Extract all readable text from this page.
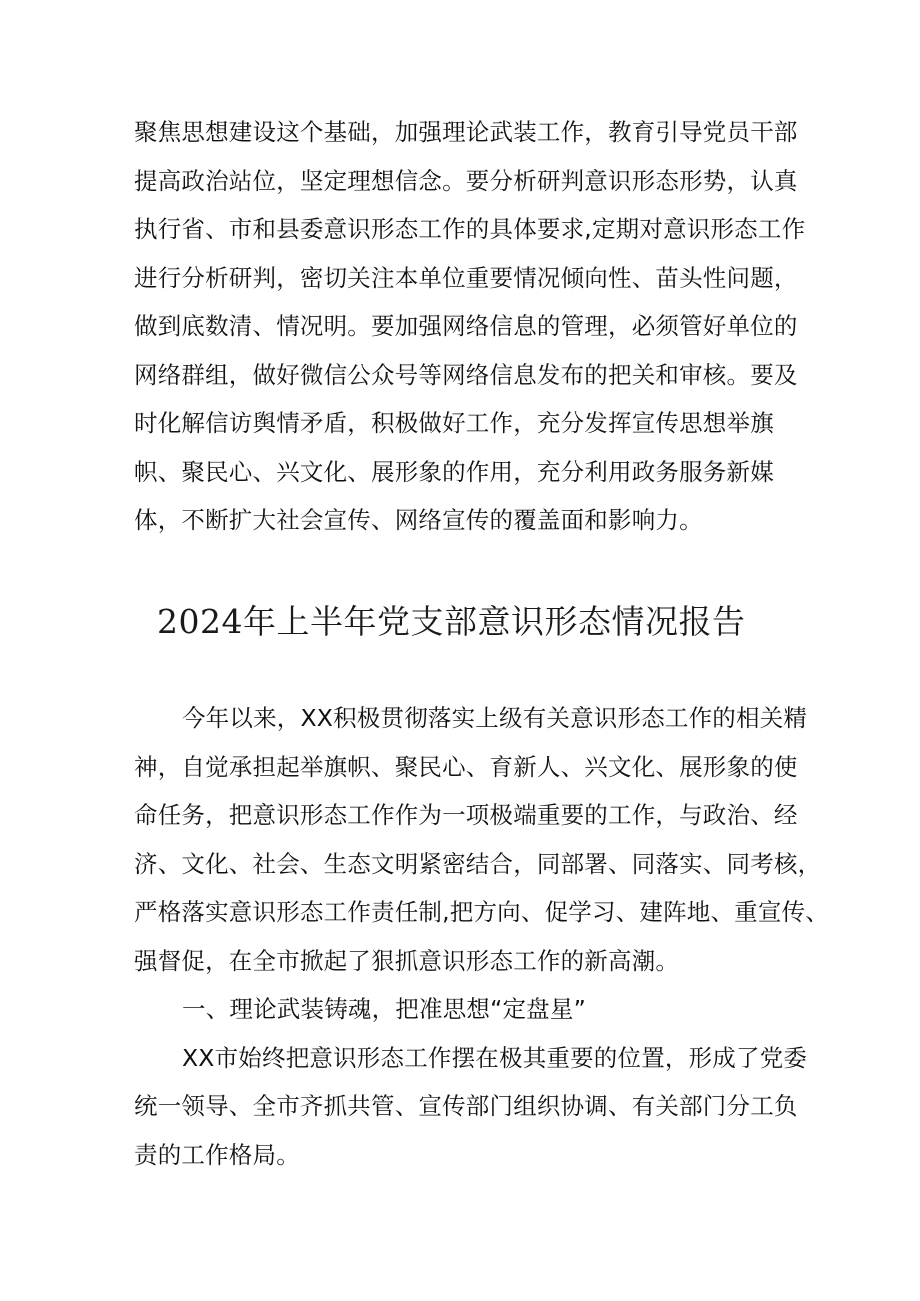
聚焦思想建设这个基础，加强理论武装工作，教育引导党员干部
提高政治站位，坚定理想信念。要分析研判意识形态形势，认真
执行省、市和县委意识形态工作的具体要求,定期对意识形态工作
进行分析研判，密切关注本单位重要情况倾向性、苗头性问题，
做到底数清、情况明。要加强网络信息的管理，必须管好单位的
网络群组，做好微信公众号等网络信息发布的把关和审核。要及
时化解信访舆情矛盾，积极做好工作，充分发挥宣传思想举旗
帜、聚民心、兴文化、展形象的作用，充分利用政务服务新媒
体，不断扩大社会宣传、网络宣传的覆盖面和影响力。
2024年上半年党支部意识形态情况报告
今年以来，XX积极贯彻落实上级有关意识形态工作的相关精
神，自觉承担起举旗帜、聚民心、育新人、兴文化、展形象的使
命任务，把意识形态工作作为一项极端重要的工作，与政治、经
济、文化、社会、生态文明紧密结合，同部署、同落实、同考核，
严格落实意识形态工作责任制,把方向、促学习、建阵地、重宣传、
强督促，在全市掀起了狠抓意识形态工作的新高潮。
一、理论武装铸魂，把准思想“定盘星”
XX市始终把意识形态工作摆在极其重要的位置，形成了党委
统一领导、全市齐抓共管、宣传部门组织协调、有关部门分工负
责的工作格局。
